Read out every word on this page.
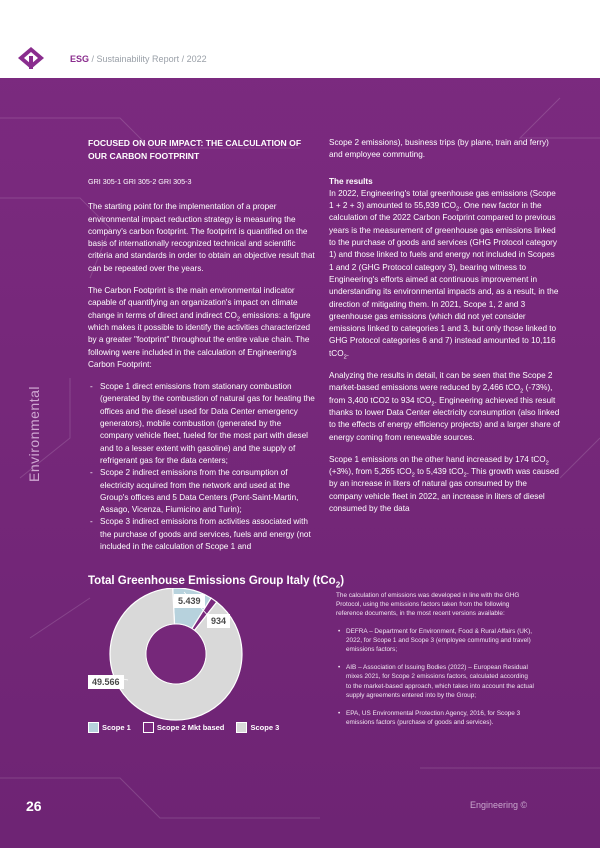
ESG / Sustainability Report / 2022
Environmental

FOCUSED ON OUR IMPACT: THE CALCULATION OF OUR CARBON FOOTPRINT

GRI 305-1 GRI 305-2 GRI 305-3

The starting point for the implementation of a proper environmental impact reduction strategy is measuring the company's carbon footprint. The footprint is quantified on the basis of internationally recognized technical and scientific criteria and standards in order to obtain an objective result that can be repeated over the years.

The Carbon Footprint is the main environmental indicator capable of quantifying an organization's impact on climate change in terms of direct and indirect $CO_2$ emissions: a figure which makes it possible to identify the activities characterized by a greater "footprint" throughout the entire value chain. The following were included in the calculation of Engineering's Carbon Footprint:

- Scope 1 direct emissions from stationary combustion (generated by the combustion of natural gas for heating the offices and the diesel used for Data Center emergency generators), mobile combustion (generated by the company vehicle fleet, fueled for the most part with diesel and to a lesser extent with gasoline) and the supply of refrigerant gas for the data centers;
- Scope 2 indirect emissions from the consumption of electricity acquired from the network and used at the Group's offices and 5 Data Centers (Pont-Saint-Martin, Assago, Vicenza, Fiumicino and Turin);
- Scope 3 indirect emissions from activities associated with the purchase of goods and services, fuels and energy (not included in the calculation of Scope 1 and

Scope 2 emissions), business trips (by plane, train and ferry) and employee commuting.

The results

In 2022, Engineering's total greenhouse gas emissions (Scope 1 + 2 + 3) amounted to 55,939 tCO$_2$. One new factor in the calculation of the 2022 Carbon Footprint compared to previous years is the measurement of greenhouse gas emissions linked to the purchase of goods and services (GHG Protocol category 1) and those linked to fuels and energy not included in Scopes 1 and 2 (GHG Protocol category 3), bearing witness to Engineering's efforts aimed at continuous improvement in understanding its environmental impacts and, as a result, in the direction of mitigating them. In 2021, Scope 1, 2 and 3 greenhouse gas emissions (which did not yet consider emissions linked to categories 1 and 3, but only those linked to GHG Protocol categories 6 and 7) instead amounted to 10,116 tCO$_2$.

Analyzing the results in detail, it can be seen that the Scope 2 market-based emissions were reduced by 2,466 tCO$_2$ (-73%), from 3,400 tCO2 to 934 tCO$_2$. Engineering achieved this result thanks to lower Data Center electricity consumption (also linked to the effects of energy efficiency projects) and a larger share of energy coming from renewable sources.

Scope 1 emissions on the other hand increased by 174 tCO$_2$ (+3%), from 5,265 tCO$_2$ to 5,439 tCO$_2$. This growth was caused by an increase in liters of natural gas consumed by the company vehicle fleet in 2022, an increase in liters of diesel consumed by the data

Total Greenhouse Emissions Group Italy (tCo$_2$)
5.439
934
49.566
Scope 1
	Scope 2 Mkt based
	Scope 3

The calculation of emissions was developed in line with the GHG Protocol, using the emissions factors taken from the following reference documents, in the most recent versions available:

• DEFRA – Department for Environment, Food & Rural Affairs (UK), 2022, for Scope 1 and Scope 3 (employee commuting and travel) emissions factors;
• AIB – Association of Issuing Bodies (2022) – European Residual mixes 2021, for Scope 2 emissions factors, calculated according to the market-based approach, which takes into account the actual supply agreements entered into by the Group;
• EPA, US Environmental Protection Agency, 2016, for Scope 3 emissions factors (purchase of goods and services).
26	Engineering ©
